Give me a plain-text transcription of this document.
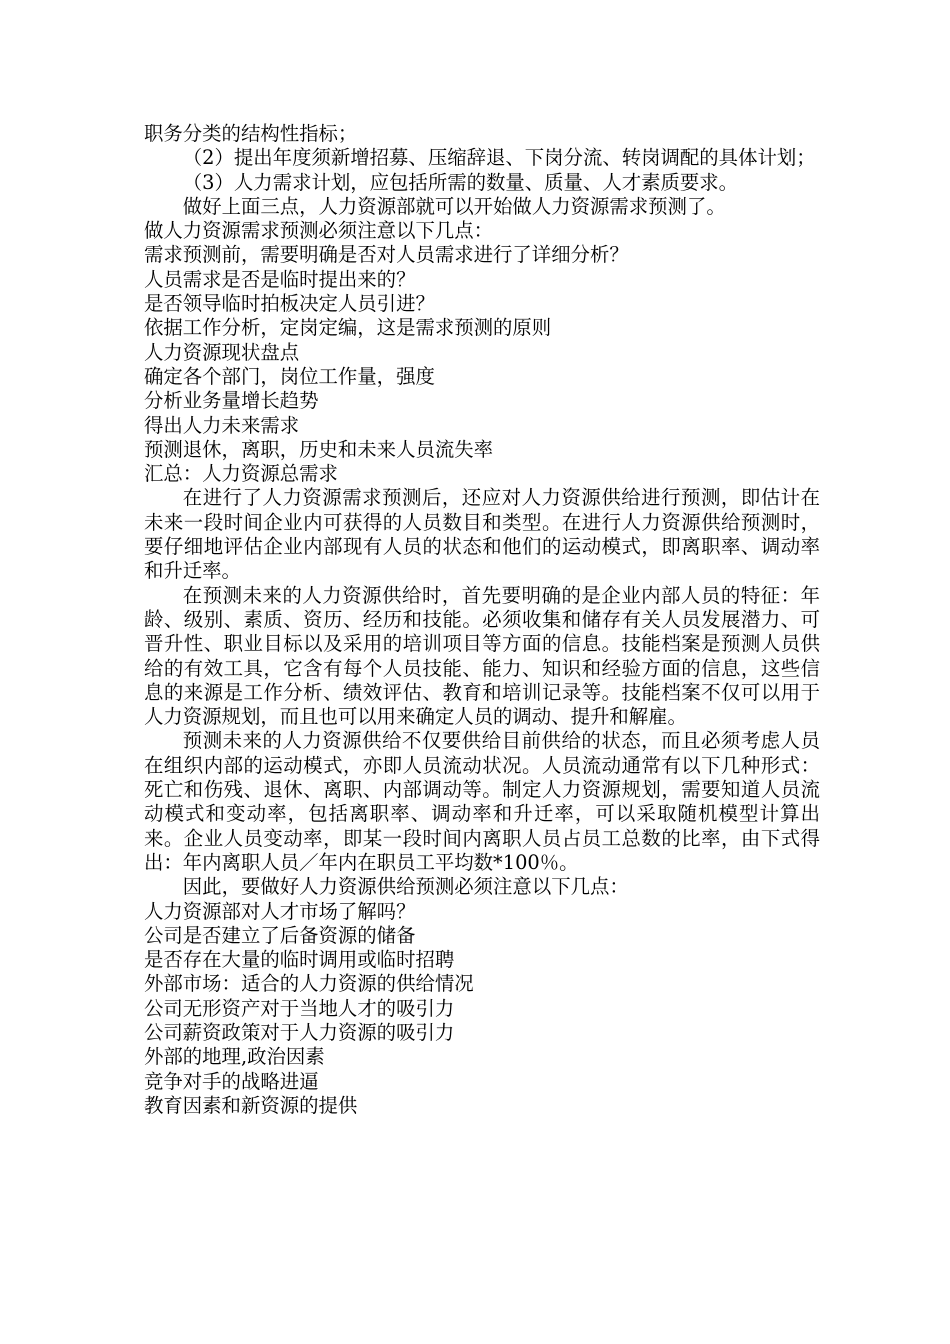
职务分类的结构性指标；

（2）提出年度须新增招募、压缩辞退、下岗分流、转岗调配的具体计划；

（3）人力需求计划，应包括所需的数量、质量、人才素质要求。

做好上面三点，人力资源部就可以开始做人力资源需求预测了。

做人力资源需求预测必须注意以下几点：

需求预测前，需要明确是否对人员需求进行了详细分析？

人员需求是否是临时提出来的？

是否领导临时拍板决定人员引进？

依据工作分析，定岗定编，这是需求预测的原则

人力资源现状盘点

确定各个部门，岗位工作量，强度

分析业务量增长趋势

得出人力未来需求

预测退休，离职，历史和未来人员流失率

汇总：人力资源总需求

在进行了人力资源需求预测后，还应对人力资源供给进行预测，即估计在未来一段时间企业内可获得的人员数目和类型。在进行人力资源供给预测时，要仔细地评估企业内部现有人员的状态和他们的运动模式，即离职率、调动率和升迁率。

在预测未来的人力资源供给时，首先要明确的是企业内部人员的特征：年龄、级别、素质、资历、经历和技能。必须收集和储存有关人员发展潜力、可晋升性、职业目标以及采用的培训项目等方面的信息。技能档案是预测人员供给的有效工具，它含有每个人员技能、能力、知识和经验方面的信息，这些信息的来源是工作分析、绩效评估、教育和培训记录等。技能档案不仅可以用于人力资源规划，而且也可以用来确定人员的调动、提升和解雇。

预测未来的人力资源供给不仅要供给目前供给的状态，而且必须考虑人员在组织内部的运动模式，亦即人员流动状况。人员流动通常有以下几种形式：死亡和伤残、退休、离职、内部调动等。制定人力资源规划，需要知道人员流动模式和变动率，包括离职率、调动率和升迁率，可以采取随机模型计算出来。企业人员变动率，即某一段时间内离职人员占员工总数的比率，由下式得出：年内离职人员／年内在职员工平均数*100％。

因此，要做好人力资源供给预测必须注意以下几点：

人力资源部对人才市场了解吗？

公司是否建立了后备资源的储备

是否存在大量的临时调用或临时招聘

外部市场：适合的人力资源的供给情况

公司无形资产对于当地人才的吸引力

公司薪资政策对于人力资源的吸引力

外部的地理,政治因素

竞争对手的战略进逼

教育因素和新资源的提供
